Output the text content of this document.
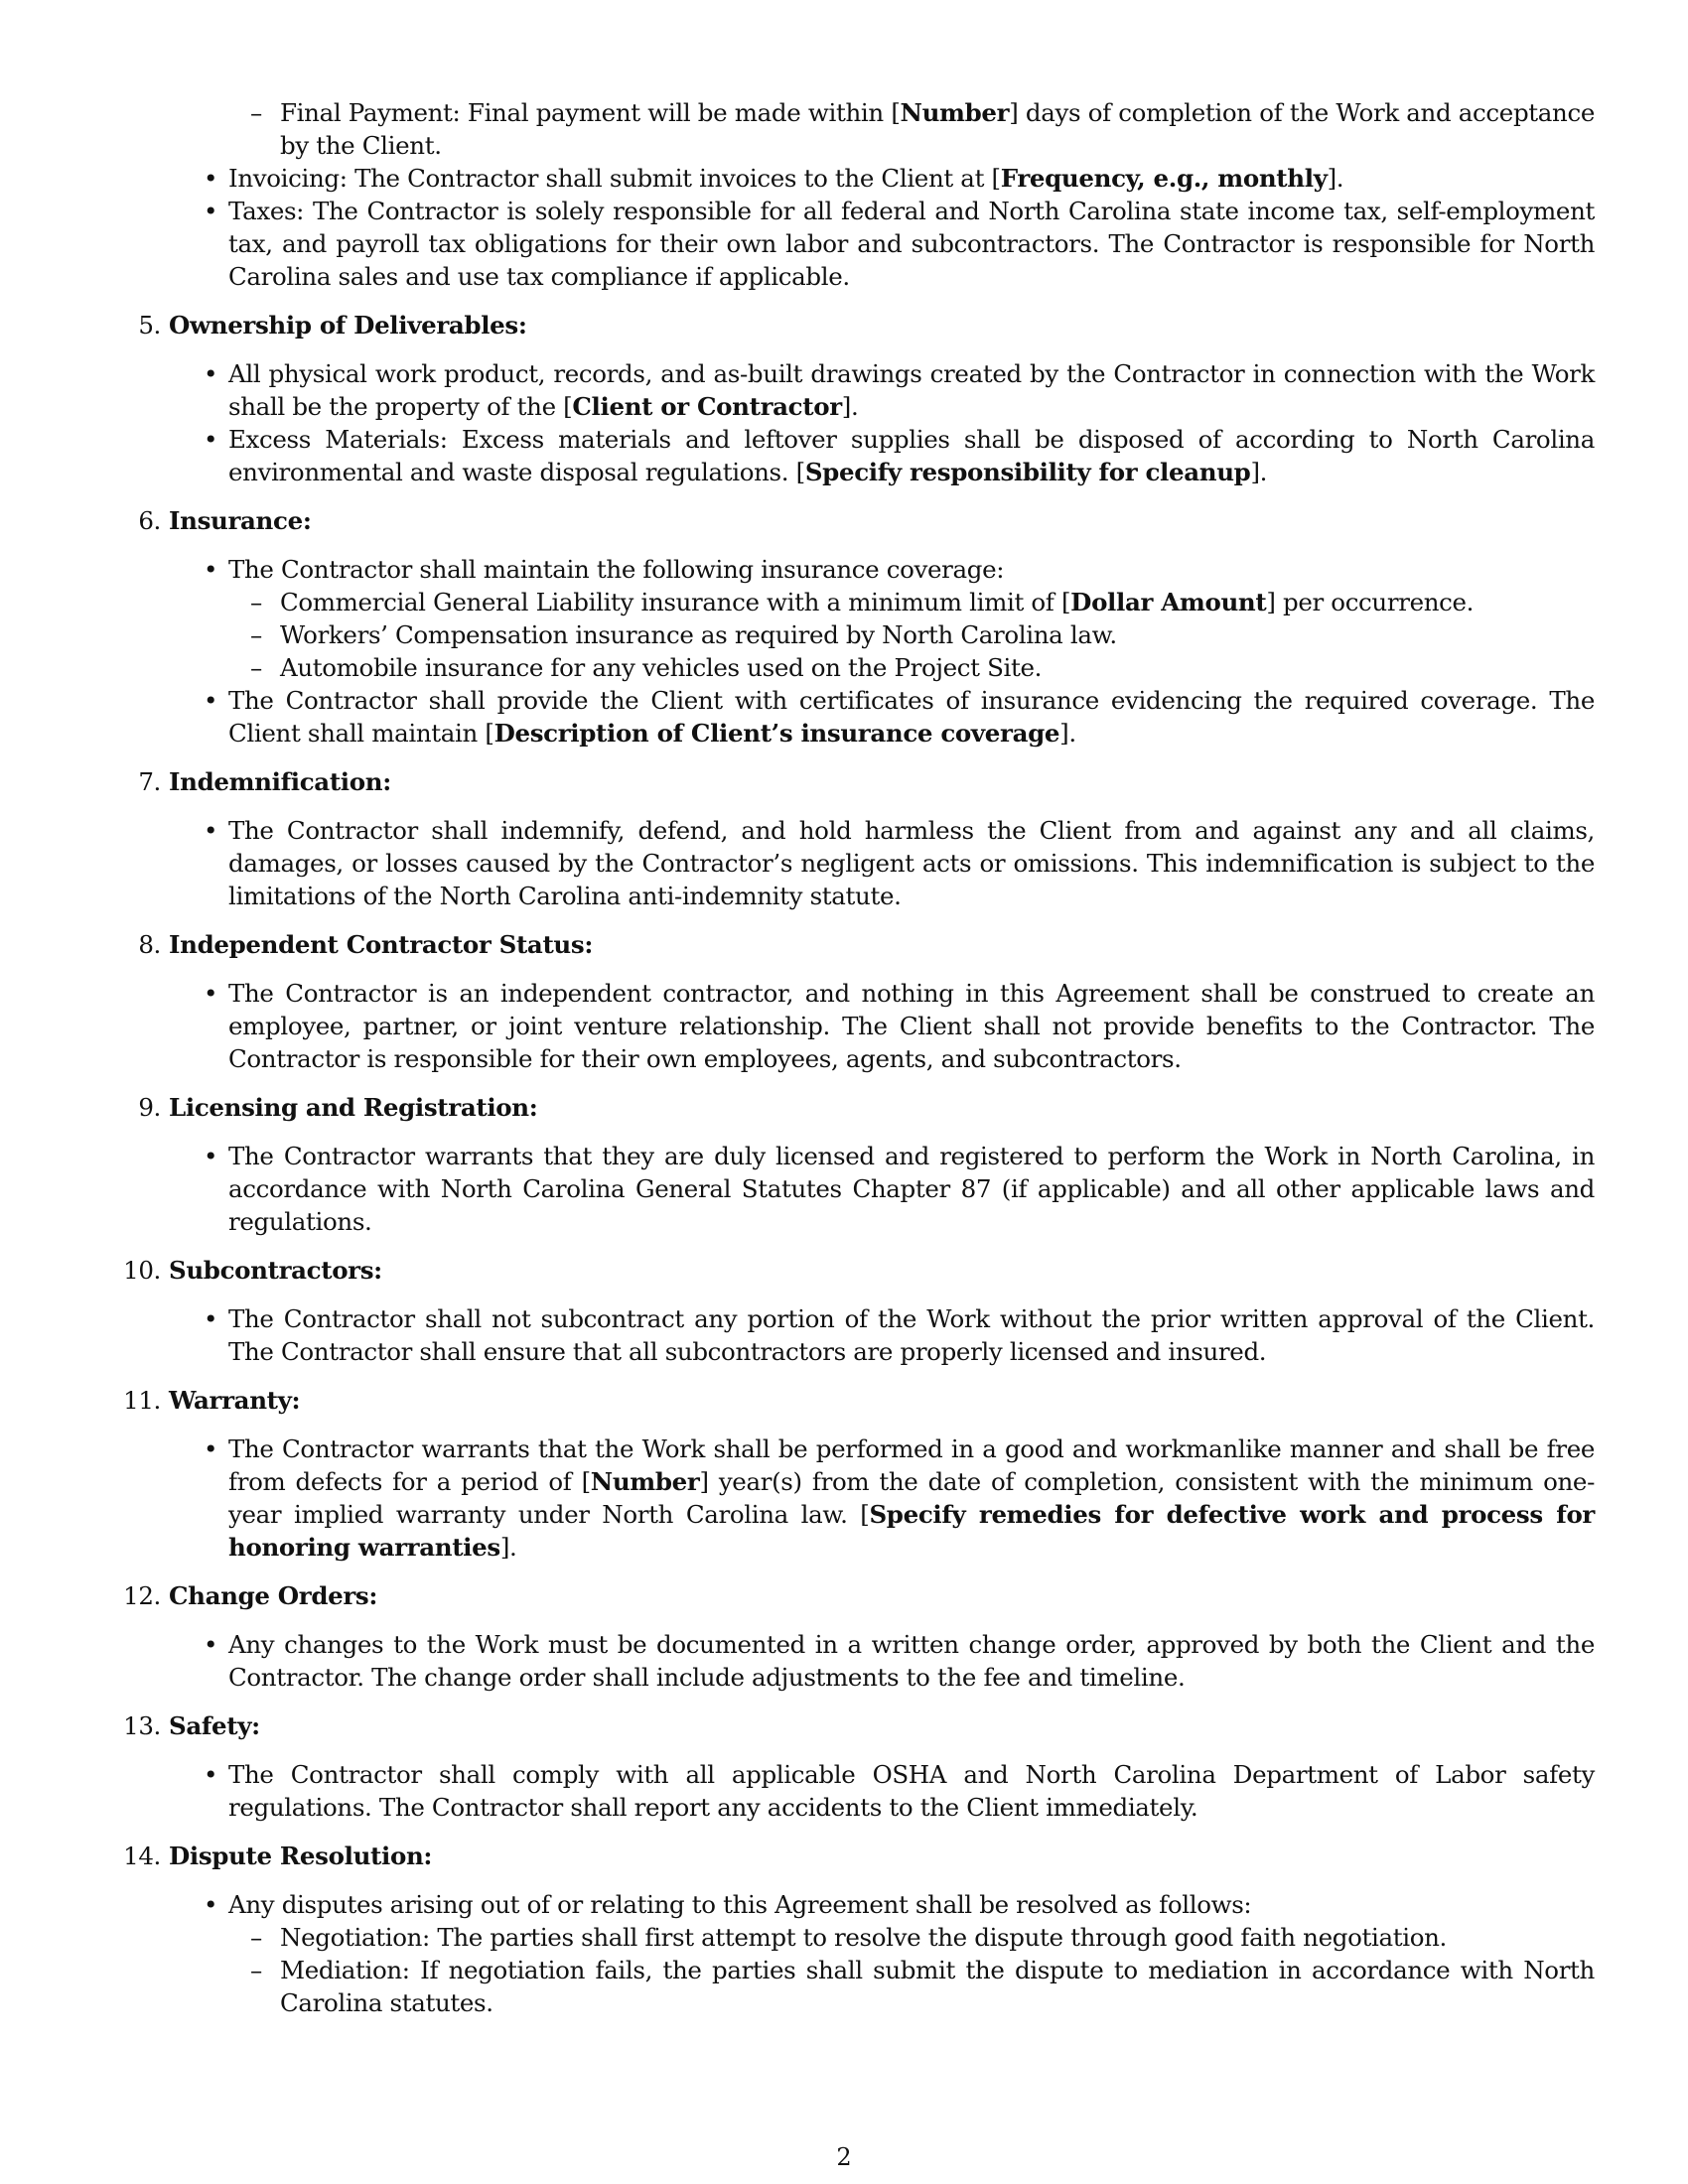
– Final Payment: Final payment will be made within [Number] days of completion of the Work and acceptance by the Client.
• Invoicing: The Contractor shall submit invoices to the Client at [Frequency, e.g., monthly].
• Taxes: The Contractor is solely responsible for all federal and North Carolina state income tax, self-employment tax, and payroll tax obligations for their own labor and subcontractors. The Contractor is responsible for North Carolina sales and use tax compliance if applicable.
5. Ownership of Deliverables:
• All physical work product, records, and as-built drawings created by the Contractor in connection with the Work shall be the property of the [Client or Contractor].
• Excess Materials: Excess materials and leftover supplies shall be disposed of according to North Carolina environmental and waste disposal regulations. [Specify responsibility for cleanup].
6. Insurance:
• The Contractor shall maintain the following insurance coverage:
– Commercial General Liability insurance with a minimum limit of [Dollar Amount] per occurrence.
– Workers’ Compensation insurance as required by North Carolina law.
– Automobile insurance for any vehicles used on the Project Site.
• The Contractor shall provide the Client with certificates of insurance evidencing the required coverage. The Client shall maintain [Description of Client’s insurance coverage].
7. Indemnification:
• The Contractor shall indemnify, defend, and hold harmless the Client from and against any and all claims, damages, or losses caused by the Contractor’s negligent acts or omissions. This indemnification is subject to the limitations of the North Carolina anti-indemnity statute.
8. Independent Contractor Status:
• The Contractor is an independent contractor, and nothing in this Agreement shall be construed to create an employee, partner, or joint venture relationship. The Client shall not provide benefits to the Contractor. The Contractor is responsible for their own employees, agents, and subcontractors.
9. Licensing and Registration:
• The Contractor warrants that they are duly licensed and registered to perform the Work in North Carolina, in accordance with North Carolina General Statutes Chapter 87 (if applicable) and all other applicable laws and regulations.
10. Subcontractors:
• The Contractor shall not subcontract any portion of the Work without the prior written approval of the Client. The Contractor shall ensure that all subcontractors are properly licensed and insured.
11. Warranty:
• The Contractor warrants that the Work shall be performed in a good and workmanlike manner and shall be free from defects for a period of [Number] year(s) from the date of completion, consistent with the minimum one-year implied warranty under North Carolina law. [Specify remedies for defective work and process for honoring warranties].
12. Change Orders:
• Any changes to the Work must be documented in a written change order, approved by both the Client and the Contractor. The change order shall include adjustments to the fee and timeline.
13. Safety:
• The Contractor shall comply with all applicable OSHA and North Carolina Department of Labor safety regulations. The Contractor shall report any accidents to the Client immediately.
14. Dispute Resolution:
• Any disputes arising out of or relating to this Agreement shall be resolved as follows:
– Negotiation: The parties shall first attempt to resolve the dispute through good faith negotiation.
– Mediation: If negotiation fails, the parties shall submit the dispute to mediation in accordance with North Carolina statutes.
2
